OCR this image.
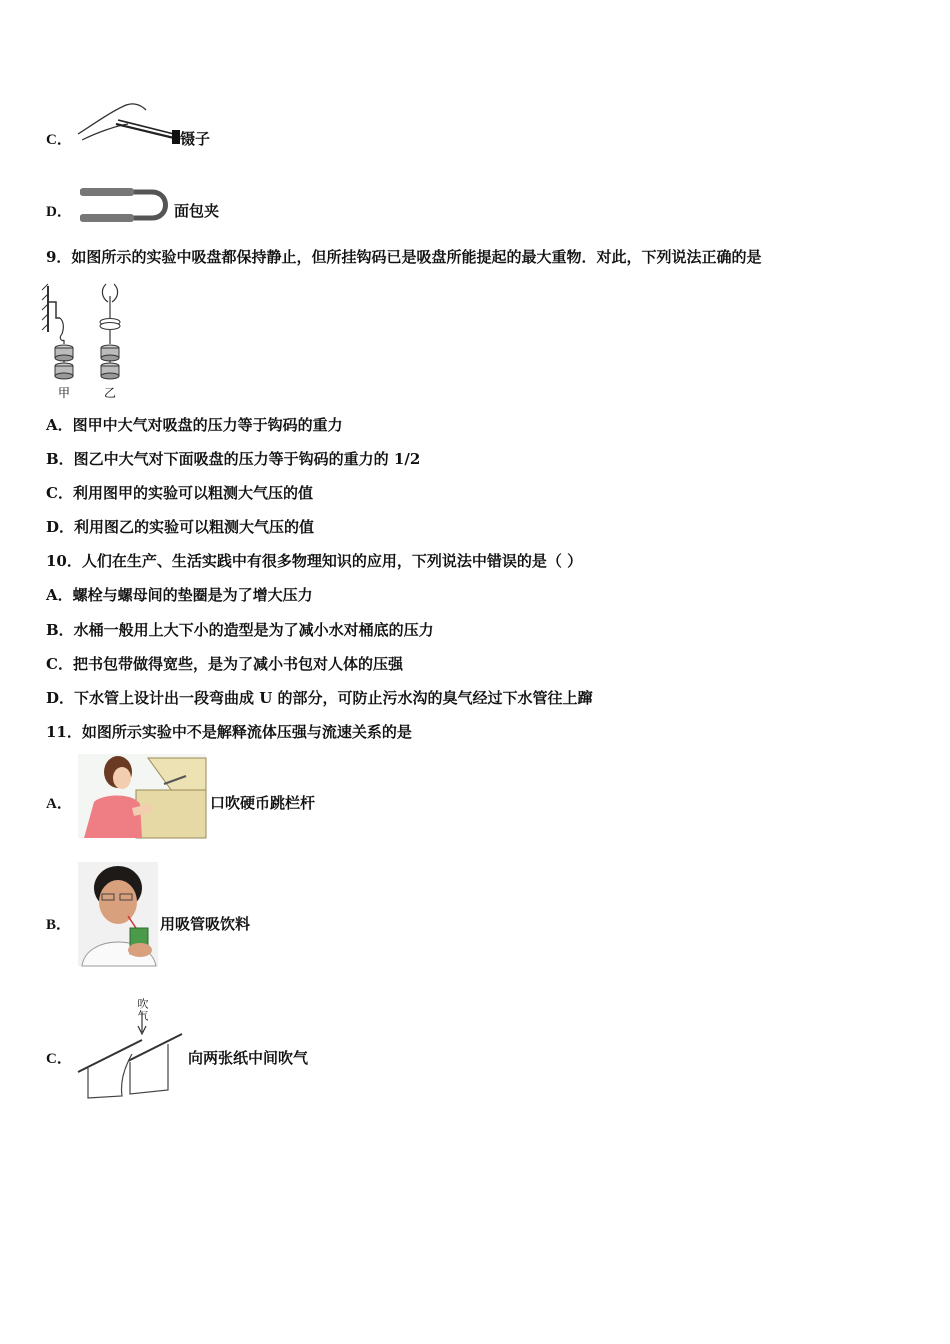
C．	镊子
D．	面包夹
9．如图所示的实验中吸盘都保持静止，但所挂钩码已是吸盘所能提起的最大重物．对此，下列说法正确的是
甲	乙
A．图甲中大气对吸盘的压力等于钩码的重力
B．图乙中大气对下面吸盘的压力等于钩码的重力的 1/2
C．利用图甲的实验可以粗测大气压的值
D．利用图乙的实验可以粗测大气压的值
10．人们在生产、生活实践中有很多物理知识的应用，下列说法中错误的是（ ）
A．螺栓与螺母间的垫圈是为了增大压力
B．水桶一般用上大下小的造型是为了减小水对桶底的压力
C．把书包带做得宽些，是为了减小书包对人体的压强
D．下水管上设计出一段弯曲成 U 的部分，可防止污水沟的臭气经过下水管往上蹿
11．如图所示实验中不是解释流体压强与流速关系的是
A．	口吹硬币跳栏杆
B．	用吸管吸饮料
C．
吹气
向两张纸中间吹气
